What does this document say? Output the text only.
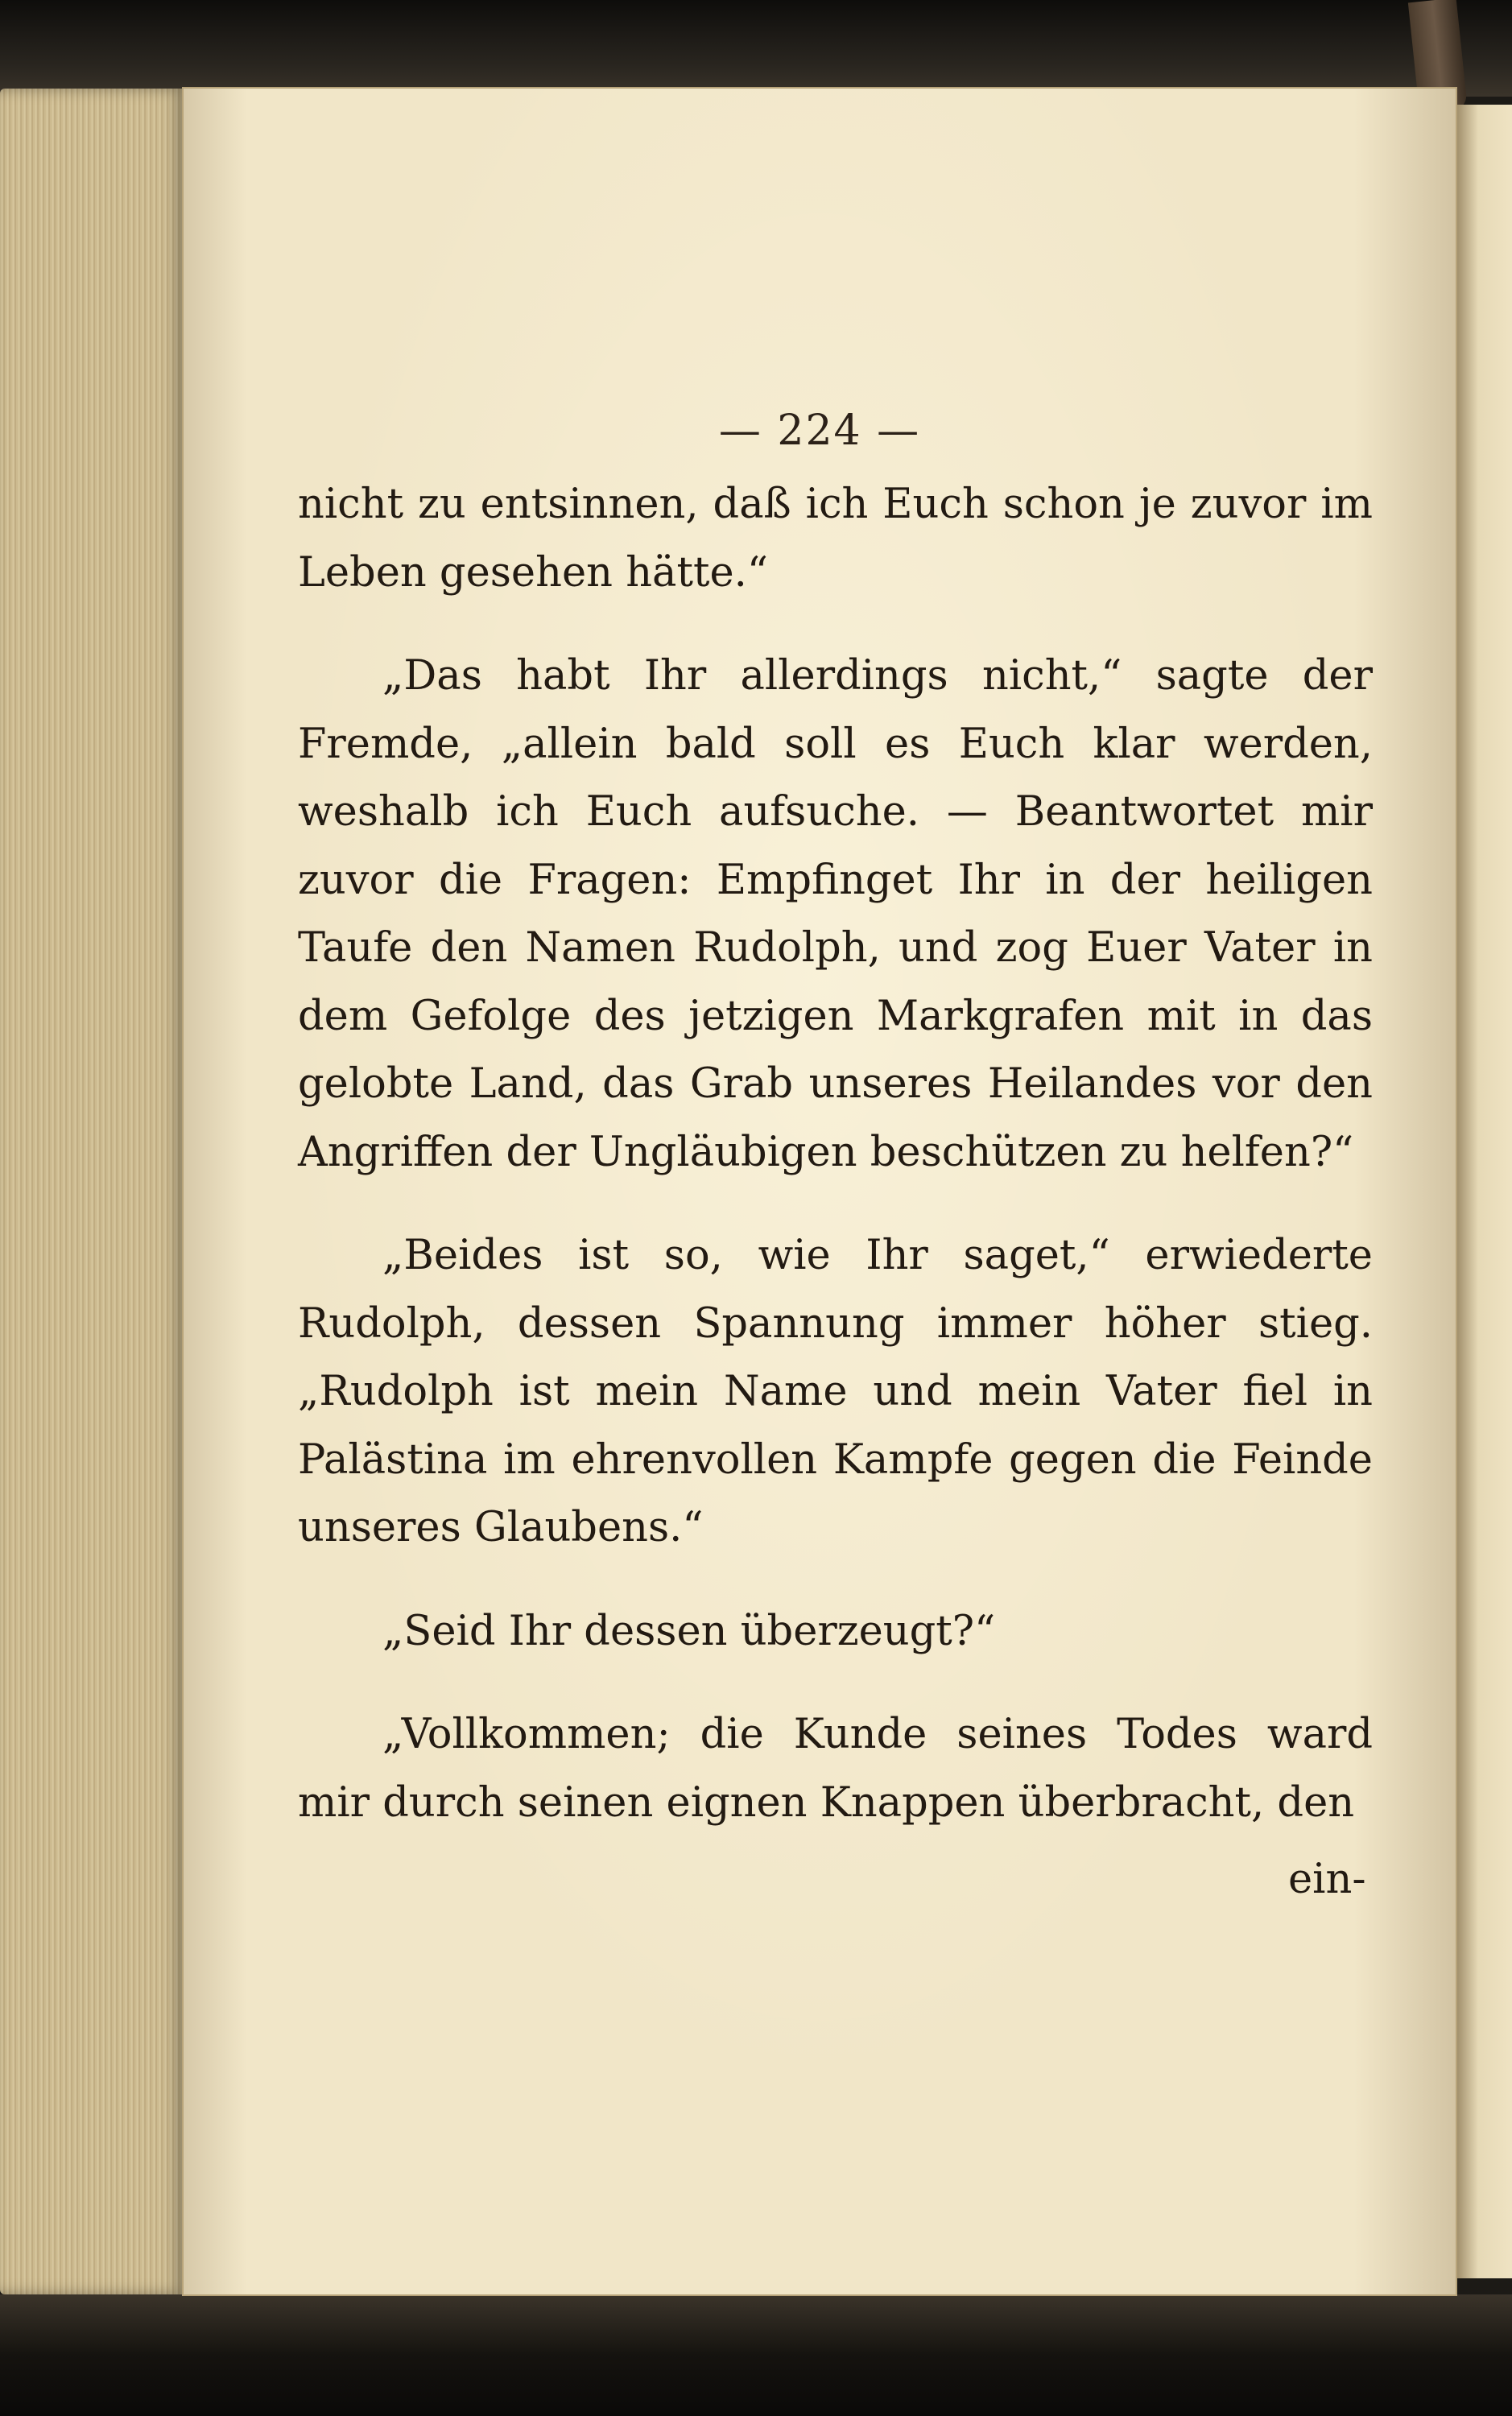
— 224 —

nicht zu entsinnen, daß ich Euch schon je zuvor im Leben gesehen hätte.“

„Das habt Ihr allerdings nicht,“ sagte der Fremde, „allein bald soll es Euch klar werden, weshalb ich Euch aufsuche. — Beantwortet mir zuvor die Fragen: Empfinget Ihr in der heiligen Taufe den Namen Rudolph, und zog Euer Vater in dem Gefolge des jetzigen Markgrafen mit in das gelobte Land, das Grab unseres Heilandes vor den Angriffen der Ungläubigen beschützen zu helfen?“

„Beides ist so, wie Ihr saget,“ erwiederte Rudolph, dessen Spannung immer höher stieg. „Rudolph ist mein Name und mein Vater fiel in Palästina im ehrenvollen Kampfe gegen die Feinde unseres Glaubens.“

„Seid Ihr dessen überzeugt?“

„Vollkommen; die Kunde seines Todes ward mir durch seinen eignen Knappen überbracht, den

ein-
